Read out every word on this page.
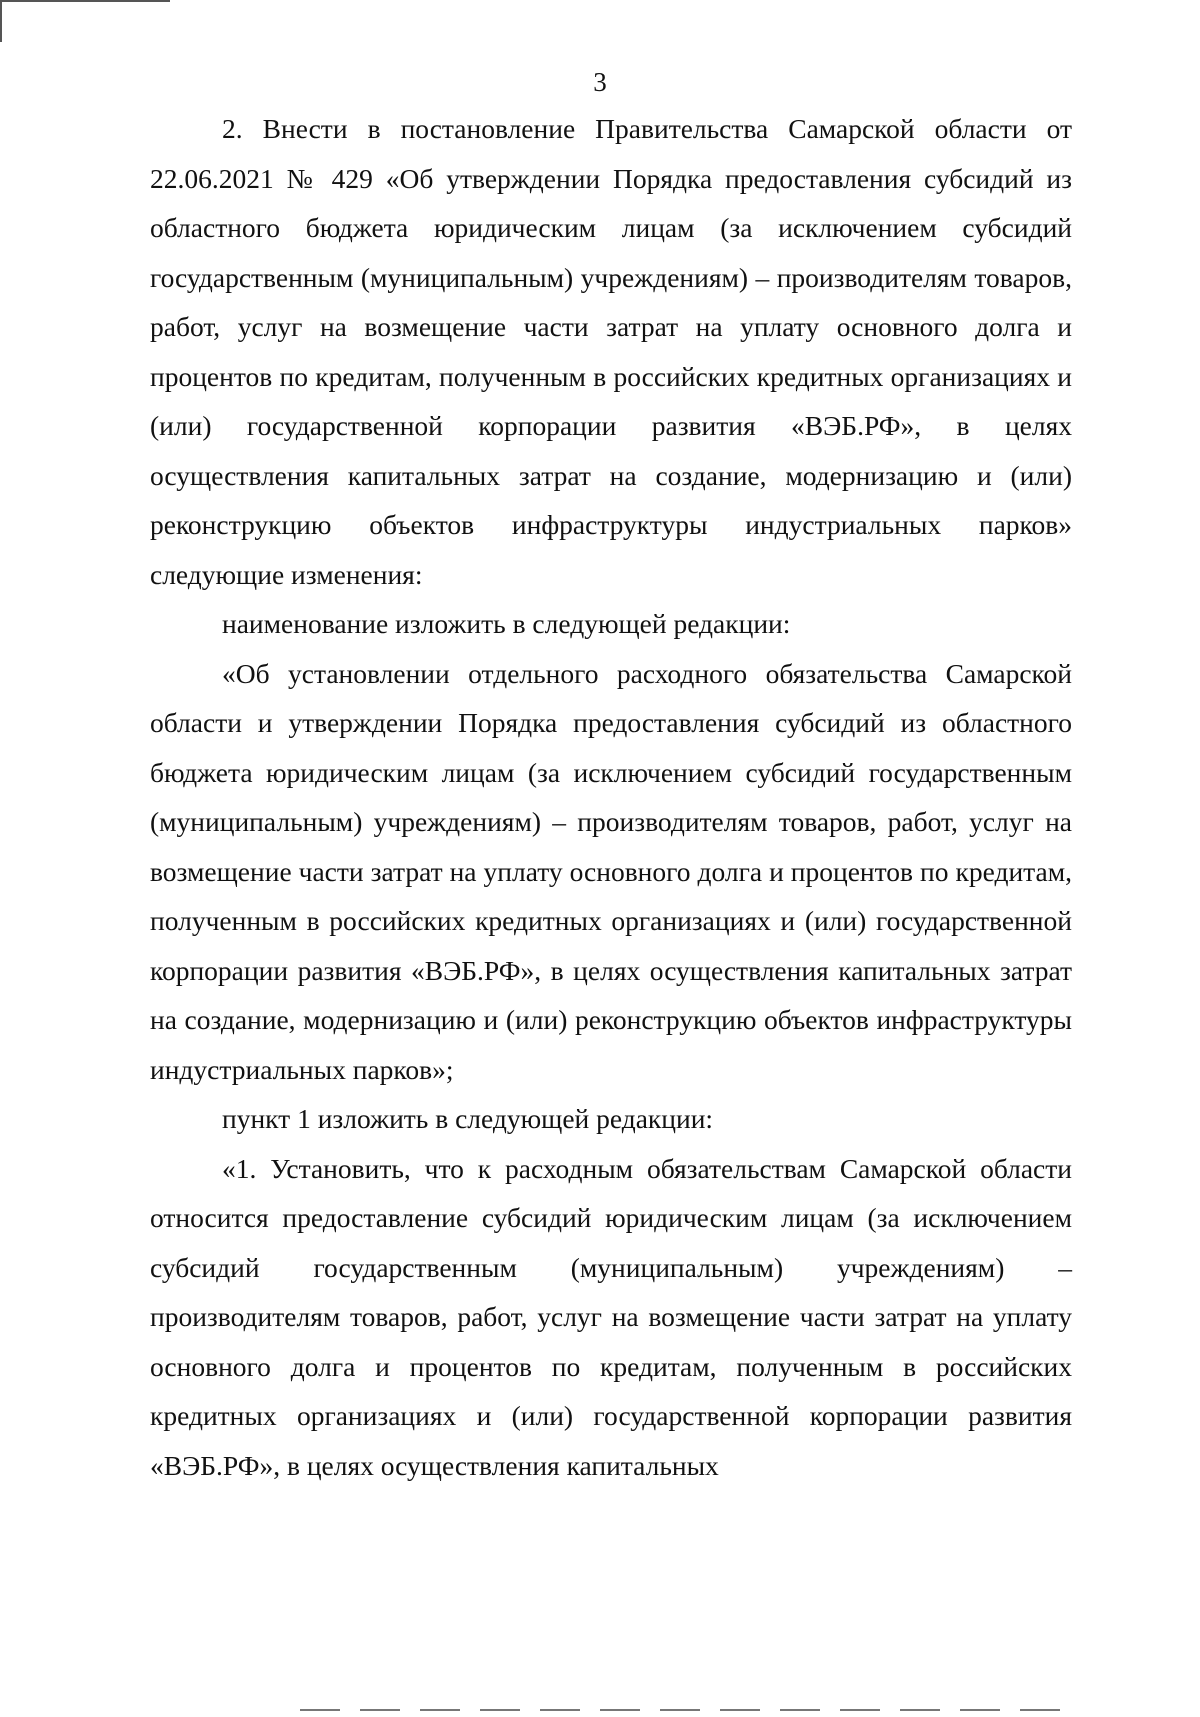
3

2. Внести в постановление Правительства Самарской области от 22.06.2021 № 429 «Об утверждении Порядка предоставления субсидий из областного бюджета юридическим лицам (за исключением субсидий государственным (муниципальным) учреждениям) – производителям товаров, работ, услуг на возмещение части затрат на уплату основного долга и процентов по кредитам, полученным в российских кредитных организациях и (или) государственной корпорации развития «ВЭБ.РФ», в целях осуществления капитальных затрат на создание, модернизацию и (или) реконструкцию объектов инфраструктуры индустриальных парков» следующие изменения:

наименование изложить в следующей редакции:

«Об установлении отдельного расходного обязательства Самарской области и утверждении Порядка предоставления субсидий из областного бюджета юридическим лицам (за исключением субсидий государственным (муниципальным) учреждениям) – производителям товаров, работ, услуг на возмещение части затрат на уплату основного долга и процентов по кредитам, полученным в российских кредитных организациях и (или) государственной корпорации развития «ВЭБ.РФ», в целях осуществления капитальных затрат на создание, модернизацию и (или) реконструкцию объектов инфраструктуры индустриальных парков»;

пункт 1 изложить в следующей редакции:

«1. Установить, что к расходным обязательствам Самарской области относится предоставление субсидий юридическим лицам (за исключением субсидий государственным (муниципальным) учреждениям) – производителям товаров, работ, услуг на возмещение части затрат на уплату основного долга и процентов по кредитам, полученным в российских кредитных организациях и (или) государственной корпорации развития «ВЭБ.РФ», в целях осуществления капитальных
